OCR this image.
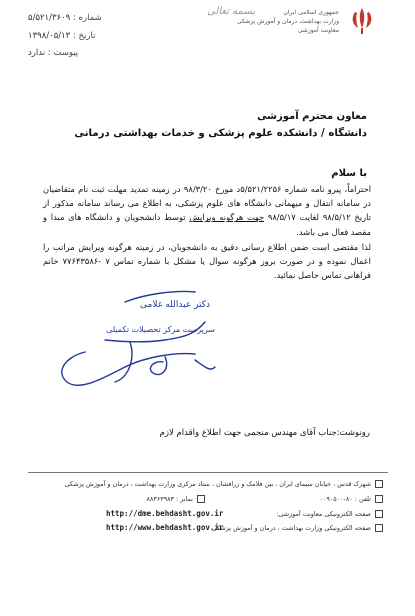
شماره : ۵/۵۲۱/۳۶۰۹
تاریخ : ۱۳۹۸/۰۵/۱۳
پیوست : ندارد
بسمه تعالی	جمهوری اسلامی ایران
وزارت بهداشت، درمان و آموزش پزشکی
معاونت آموزشی
معاون محترم آموزشی
دانشگاه / دانشکده علوم پزشکی و خدمات بهداشتی درمانی
با سلام
احتراماً، پیرو نامه شماره ۵/۵۲۱/۲۲۵۶د مورخ ۹۸/۳/۲۰ در زمینه تمدید مهلت ثبت نام متقاضیان در سامانه انتقال و میهمانی دانشگاه های علوم پزشکی، به اطلاع می رساند سامانه مذکور از تاریخ ۹۸/۵/۱۲ لغایت ۹۸/۵/۱۷ جهت هرگونه ویرایش توسط دانشجویان و دانشگاه های مبدا و مقصد فعال می باشد.
لذا مقتضی است ضمن اطلاع رسانی دقیق به دانشجویان، در زمینه هرگونه ویرایش مراتب را اعمال نموده و در صورت بروز هرگونه سوال یا مشکل با شماره تماس ۷ -۷۷۶۴۳۵۸۶ خانم فراهانی تماس حاصل نمائید.
دکتر عبدالله غلامی
سرپرست مرکز تحصیلات تکمیلی
رونوشت:جناب آقای مهندس منجمی جهت اطلاع واقدام لازم
شهرک قدس ، خیابان سیمای ایران ، بین فلامک و زرافشان ، ستاد مرکزی وزارت بهداشت ، درمان و آموزش پزشکی
تلفن : ۸۰-۰۰۹۰۵۰۰
نمابر : ۸۸۳۶۳۹۸۳
صفحه الکترونیکی معاونت آموزشی:
http://dme.behdasht.gov.ir
صفحه الکترونیکی وزارت بهداشت ، درمان و آموزش پزشکی
http://www.behdasht.gov.ir
